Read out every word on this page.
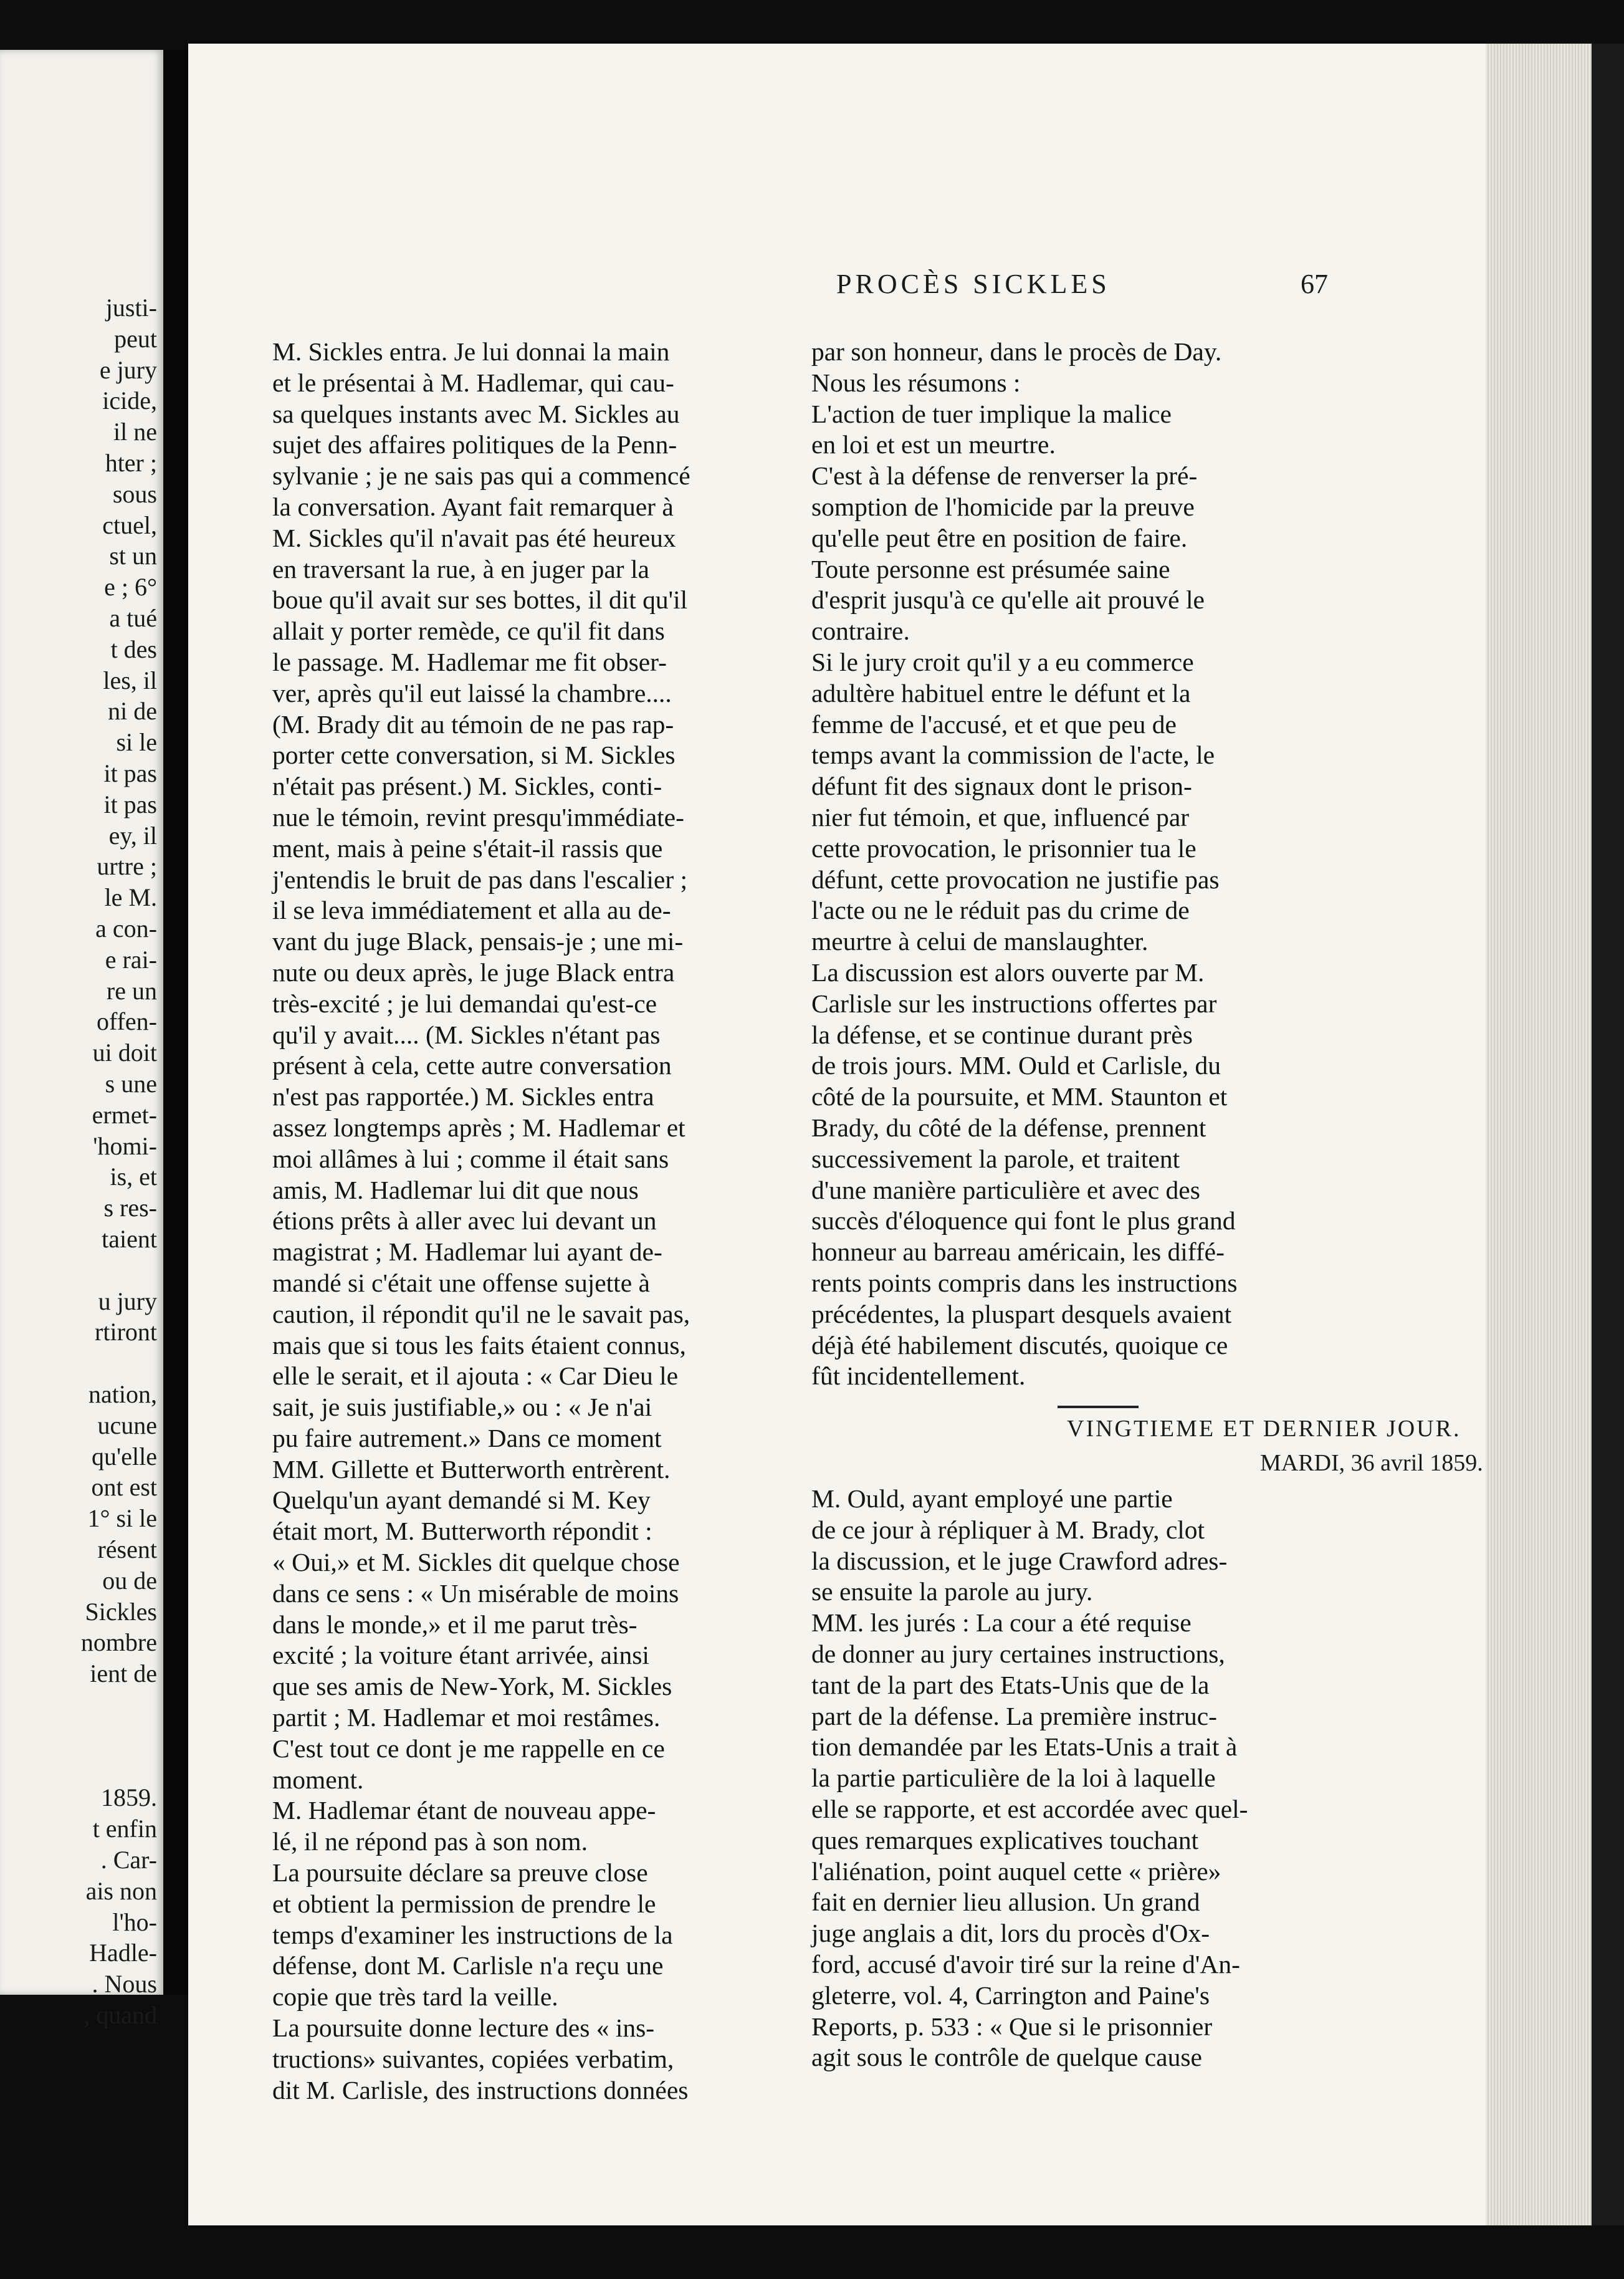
justi-
peut
e jury
icide,
il ne
hter ;
sous
ctuel,
st un
e ; 6°
a tué
t des
les, il
ni de
si le
it pas
it pas
ey, il
urtre ;
le M.
a con-
e rai-
re un
offen-
ui doit
s une
ermet-
'homi-
is, et
s res-
taient
u jury
rtiront
nation,
ucune
qu'elle
ont est
1° si le
résent
ou de
Sickles
nombre
ient de
1859.
t enfin
. Car-
ais non
l'ho-
Hadle-
. Nous
, quand
PROCÈS SICKLES	67
M. Sickles entra. Je lui donnai la main
et le présentai à M. Hadlemar, qui cau-
sa quelques instants avec M. Sickles au
sujet des affaires politiques de la Penn-
sylvanie ; je ne sais pas qui a commencé
la conversation. Ayant fait remarquer à
M. Sickles qu'il n'avait pas été heureux
en traversant la rue, à en juger par la
boue qu'il avait sur ses bottes, il dit qu'il
allait y porter remède, ce qu'il fit dans
le passage. M. Hadlemar me fit obser-
ver, après qu'il eut laissé la chambre....
(M. Brady dit au témoin de ne pas rap-
porter cette conversation, si M. Sickles
n'était pas présent.) M. Sickles, conti-
nue le témoin, revint presqu'immédiate-
ment, mais à peine s'était-il rassis que
j'entendis le bruit de pas dans l'escalier ;
il se leva immédiatement et alla au de-
vant du juge Black, pensais-je ; une mi-
nute ou deux après, le juge Black entra
très-excité ; je lui demandai qu'est-ce
qu'il y avait.... (M. Sickles n'étant pas
présent à cela, cette autre conversation
n'est pas rapportée.) M. Sickles entra
assez longtemps après ; M. Hadlemar et
moi allâmes à lui ; comme il était sans
amis, M. Hadlemar lui dit que nous
étions prêts à aller avec lui devant un
magistrat ; M. Hadlemar lui ayant de-
mandé si c'était une offense sujette à
caution, il répondit qu'il ne le savait pas,
mais que si tous les faits étaient connus,
elle le serait, et il ajouta : « Car Dieu le
sait, je suis justifiable,» ou : « Je n'ai
pu faire autrement.» Dans ce moment
MM. Gillette et Butterworth entrèrent.
Quelqu'un ayant demandé si M. Key
était mort, M. Butterworth répondit :
« Oui,» et M. Sickles dit quelque chose
dans ce sens : « Un misérable de moins
dans le monde,» et il me parut très-
excité ; la voiture étant arrivée, ainsi
que ses amis de New-York, M. Sickles
partit ; M. Hadlemar et moi restâmes.
C'est tout ce dont je me rappelle en ce
moment.
M. Hadlemar étant de nouveau appe-
lé, il ne répond pas à son nom.
La poursuite déclare sa preuve close
et obtient la permission de prendre le
temps d'examiner les instructions de la
défense, dont M. Carlisle n'a reçu une
copie que très tard la veille.
La poursuite donne lecture des « ins-
tructions» suivantes, copiées verbatim,
dit M. Carlisle, des instructions données
par son honneur, dans le procès de Day.
Nous les résumons :
L'action de tuer implique la malice
en loi et est un meurtre.
C'est à la défense de renverser la pré-
somption de l'homicide par la preuve
qu'elle peut être en position de faire.
Toute personne est présumée saine
d'esprit jusqu'à ce qu'elle ait prouvé le
contraire.
Si le jury croit qu'il y a eu commerce
adultère habituel entre le défunt et la
femme de l'accusé, et et que peu de
temps avant la commission de l'acte, le
défunt fit des signaux dont le prison-
nier fut témoin, et que, influencé par
cette provocation, le prisonnier tua le
défunt, cette provocation ne justifie pas
l'acte ou ne le réduit pas du crime de
meurtre à celui de manslaughter.
La discussion est alors ouverte par M.
Carlisle sur les instructions offertes par
la défense, et se continue durant près
de trois jours. MM. Ould et Carlisle, du
côté de la poursuite, et MM. Staunton et
Brady, du côté de la défense, prennent
successivement la parole, et traitent
d'une manière particulière et avec des
succès d'éloquence qui font le plus grand
honneur au barreau américain, les diffé-
rents points compris dans les instructions
précédentes, la pluspart desquels avaient
déjà été habilement discutés, quoique ce
fût incidentellement.
VINGTIEME ET DERNIER JOUR.
MARDI, 36 avril 1859.
M. Ould, ayant employé une partie
de ce jour à répliquer à M. Brady, clot
la discussion, et le juge Crawford adres-
se ensuite la parole au jury.
MM. les jurés : La cour a été requise
de donner au jury certaines instructions,
tant de la part des Etats-Unis que de la
part de la défense. La première instruc-
tion demandée par les Etats-Unis a trait à
la partie particulière de la loi à laquelle
elle se rapporte, et est accordée avec quel-
ques remarques explicatives touchant
l'aliénation, point auquel cette « prière»
fait en dernier lieu allusion. Un grand
juge anglais a dit, lors du procès d'Ox-
ford, accusé d'avoir tiré sur la reine d'An-
gleterre, vol. 4, Carrington and Paine's
Reports, p. 533 : « Que si le prisonnier
agit sous le contrôle de quelque cause
